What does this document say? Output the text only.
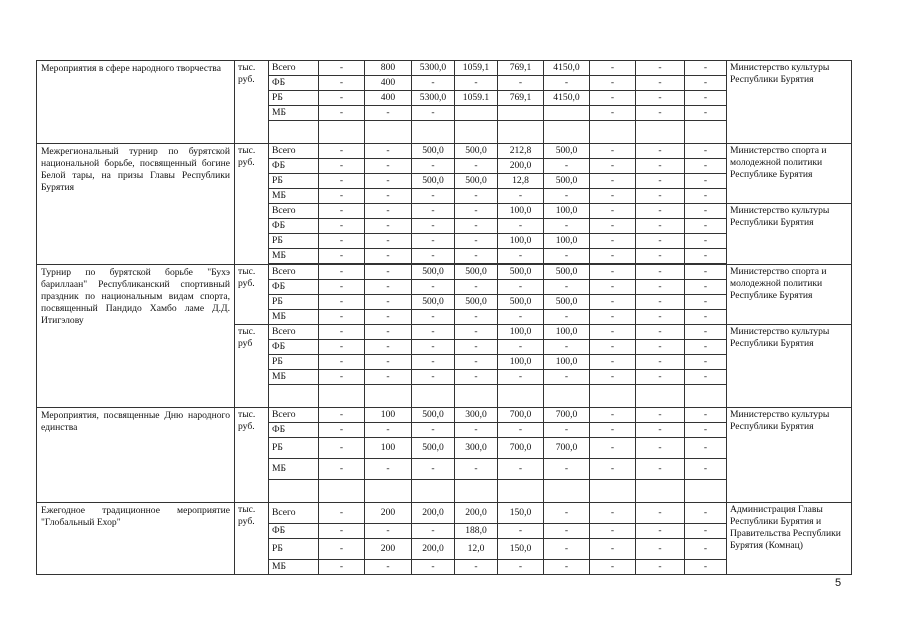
Мероприятия в сфере народного творчества	тыс. руб.	Всего	-	800	5300,0	1059,1	769,1	4150,0	-	-	-	Министерство культуры Республики Бурятия
		ФБ	-	400	-	-	-	-	-	-	-	
		РБ	-	400	5300,0	1059.1	769,1	4150,0	-	-	-	
		МБ	-	-	-				-	-	-	

Межрегиональный турнир по бурятской национальной борьбе, посвященный богине Белой тары, на призы Главы Республики Бурятия	тыс. руб.	Всего	-	-	500,0	500,0	212,8	500,0	-	-	-	Министерство спорта и молодежной политики Республике Бурятия
		ФБ	-	-	-	-	200,0	-	-	-	-	
		РБ	-	-	500,0	500,0	12,8	500,0	-	-	-	
		МБ	-	-	-	-	-	-	-	-	-	
		Всего	-	-	-	-	100,0	100,0	-	-	-	Министерство культуры Республики Бурятия
		ФБ	-	-	-	-	-	-	-	-	-	
		РБ	-	-	-	-	100,0	100,0	-	-	-	
		МБ	-	-	-	-	-	-	-	-	-	

Турнир по бурятской борьбе "Бухэ бариллаан" Республиканский спортивный праздник по национальным видам спорта, посвященный Пандидо Хамбо ламе Д.Д. Итигэлову	тыс. руб.	Всего	-	-	500,0	500,0	500,0	500,0	-	-	-	Министерство спорта и молодежной политики Республике Бурятия
		ФБ	-	-	-	-	-	-	-	-	-	
		РБ	-	-	500,0	500,0	500,0	500,0	-	-	-	
		МБ	-	-	-	-	-	-	-	-	-	
	тыс. руб	Всего	-	-	-	-	100,0	100,0	-	-	-	Министерство культуры Республики Бурятия
		ФБ	-	-	-	-	-	-	-	-	-	
		РБ	-	-	-	-	100,0	100,0	-	-	-	
		МБ	-	-	-	-	-	-	-	-	-	

Мероприятия, посвященные Дню народного единства	тыс. руб.	Всего	-	100	500,0	300,0	700,0	700,0	-	-	-	Министерство культуры Республики Бурятия
		ФБ	-	-	-	-	-	-	-	-	-	
		РБ	-	100	500,0	300,0	700,0	700,0	-	-	-	
		МБ	-	-	-	-	-	-	-	-	-	

Ежегодное традиционное мероприятие "Глобальный Ехор"	тыс. руб.	Всего	-	200	200,0	200,0	150,0	-	-	-	-	Администрация Главы Республики Бурятия и Правительства Республики Бурятия (Комнац)
		ФБ	-	-	-	188,0	-	-	-	-	-	
		РБ	-	200	200,0	12,0	150,0	-	-	-	-	
		МБ	-	-	-	-	-	-	-	-	-	
5
